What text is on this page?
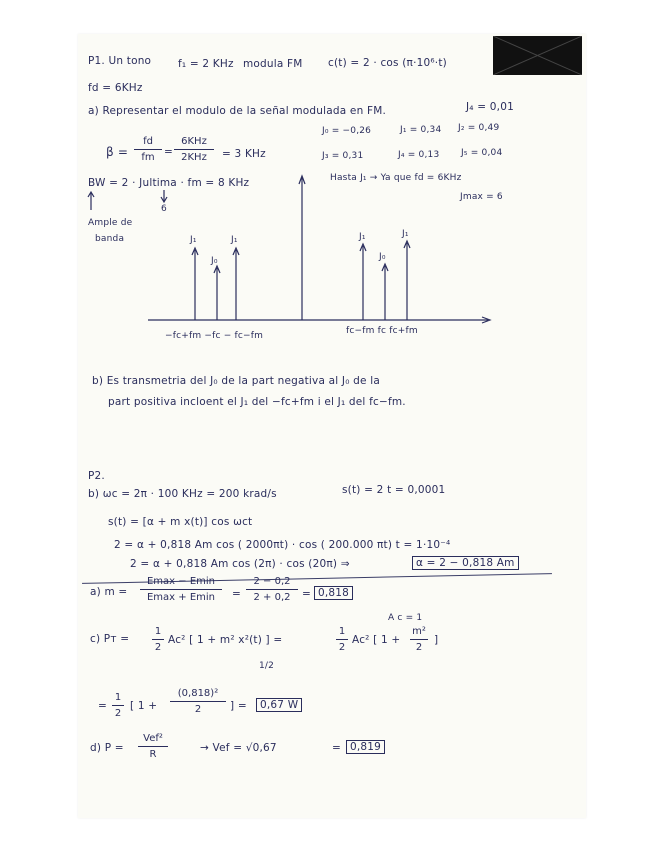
P1. Un tono	f₁ = 2 KHz modula FM c(t) = 2 · cos (π·10⁶·t)
fd = 6KHz
a) Representar el modulo de la señal modulada en FM.	J₄ = 0,01
J₀ = −0,26	J₁ = 0,34 J₂ = 0,49
J₃ = 0,31	J₄ = 0,13 J₅ = 0,04
β =
fd
fm =
6KHz
2KHz	= 3 KHz
BW = 2 · Jultima · fm = 8 KHz
6
Ample de
banda
Hasta J₁ → Ya que fd = 6KHz
Jmax = 6
J₁
J₀
J₁	J₁
J₀
J₁
−fc+fm −fc − fc−fm	fc−fm fc fc+fm
b) Es transmetria del J₀ de la part negativa al J₀ de la
part positiva incloent el J₁ del −fc+fm i el J₁ del fc−fm.
P2.
b) ωc = 2π · 100 KHz = 200 krad/s	s(t) = 2 t = 0,0001
s(t) = [α + m x(t)] cos ωct
2 = α + 0,818 Am cos ( 2000πt) · cos ( 200.000 πt) t = 1·10⁻⁴
2 = α + 0,818 Am cos (2π) · cos (20π) ⇒	α = 2 − 0,818 Am
a) m =
Emax − Emin
Emax + Emin	=
2 − 0,2
2 + 0,2	= 0,818
A c = 1
c) Pᴛ =
1
2
Ac² [ 1 + m² x²(t) ] =
1/2
1
2
Ac² [ 1 +
m²
2
]
=
1
2
[ 1 +
(0,818)²
2	] =	0,67 W
d) P =
Vef²
R
→ Vef = √0,67	= 0,819
